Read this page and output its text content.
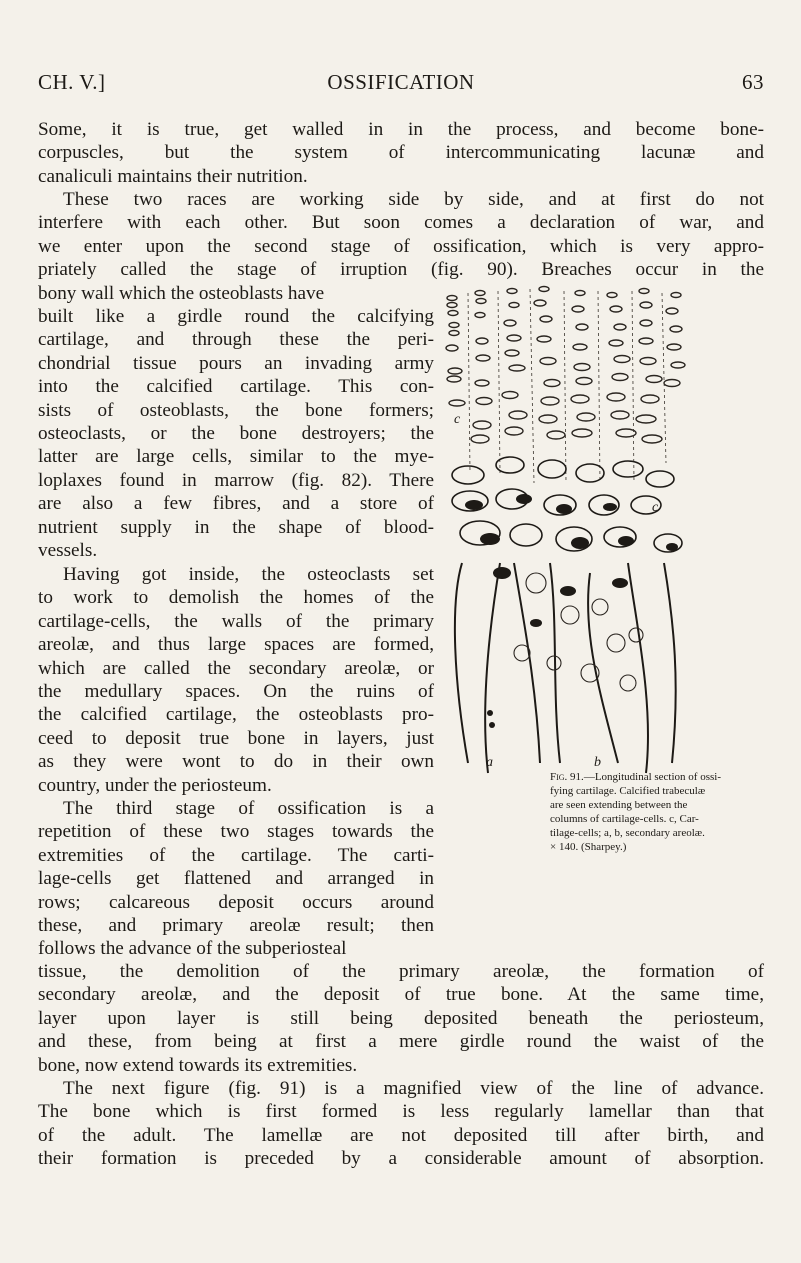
CH. V.]	OSSIFICATION	63

Some, it is true, get walled in in the process, and become bone-
corpuscles, but the system of intercommunicating lacunæ and
canaliculi maintains their nutrition.

These two races are working side by side, and at first do not
interfere with each other. But soon comes a declaration of war, and
we enter upon the second stage of ossification, which is very appro-
priately called the stage of irruption (fig. 90). Breaches occur in the
bony wall which the osteoblasts have

built like a girdle round the calcifying
cartilage, and through these the peri-
chondrial tissue pours an invading army
into the calcified cartilage. This con-
sists of osteoblasts, the bone formers;
osteoclasts, or the bone destroyers; the
latter are large cells, similar to the mye-
loplaxes found in marrow (fig. 82). There
are also a few fibres, and a store of
nutrient supply in the shape of blood-
vessels.

Having got inside, the osteoclasts set
to work to demolish the homes of the
cartilage-cells, the walls of the primary
areolæ, and thus large spaces are formed,
which are called the secondary areolæ, or
the medullary spaces. On the ruins of
the calcified cartilage, the osteoblasts pro-
ceed to deposit true bone in layers, just
as they were wont to do in their own
country, under the periosteum.

The third stage of ossification is a
repetition of these two stages towards the
extremities of the cartilage. The carti-
lage-cells get flattened and arranged in
rows; calcareous deposit occurs around
these, and primary areolæ result; then
follows the advance of the subperiosteal

tissue, the demolition of the primary areolæ, the formation of
secondary areolæ, and the deposit of true bone. At the same time,
layer upon layer is still being deposited beneath the periosteum,
and these, from being at first a mere girdle round the waist of the
bone, now extend towards its extremities.

The next figure (fig. 91) is a magnified view of the line of advance.
The bone which is first formed is less regularly lamellar than that
of the adult. The lamellæ are not deposited till after birth, and
their formation is preceded by a considerable amount of absorption.

c
c
a	b
Fig. 91.—Longitudinal section of ossi-
fying cartilage. Calcified trabeculæ
are seen extending between the
columns of cartilage-cells. c, Car-
tilage-cells; a, b, secondary areolæ.
× 140. (Sharpey.)
